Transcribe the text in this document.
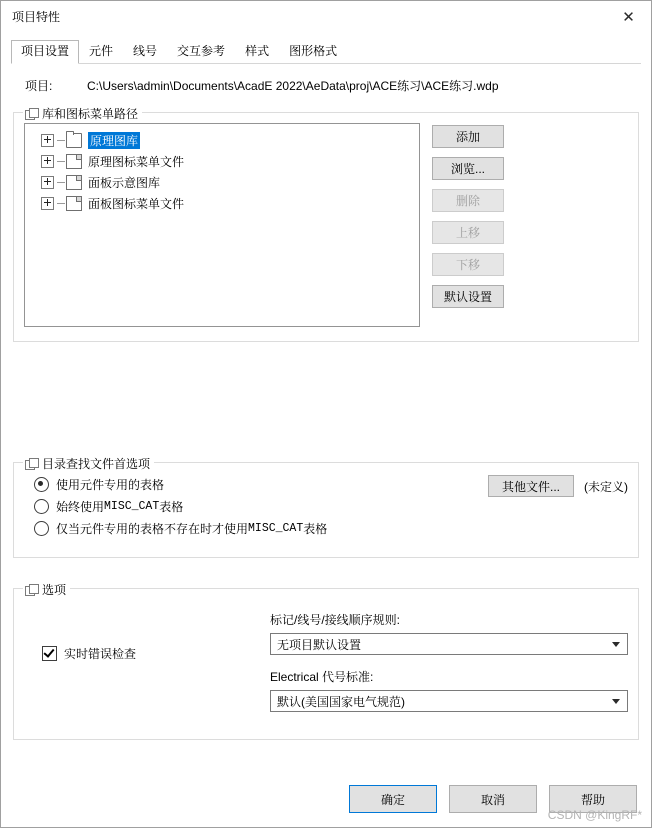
项目特性	✕
项目设置	元件	线号	交互参考	样式	图形格式
项目:	C:\Users\admin\Documents\AcadE 2022\AeData\proj\ACE练习\ACE练习.wdp
库和图标菜单路径
原理图库
原理图标菜单文件
面板示意图库
面板图标菜单文件
添加
浏览...
删除
上移
下移
默认设置
目录查找文件首选项
其他文件...	(未定义)
使用元件专用的表格
始终使用 MISC_CAT 表格
仅当元件专用的表格不存在时才使用 MISC_CAT 表格
选项
实时错误检查
标记/线号/接线顺序规则:
无项目默认设置
Electrical 代号标准:
默认(美国国家电气规范)
确定	取消	帮助
CSDN @KingRF*
